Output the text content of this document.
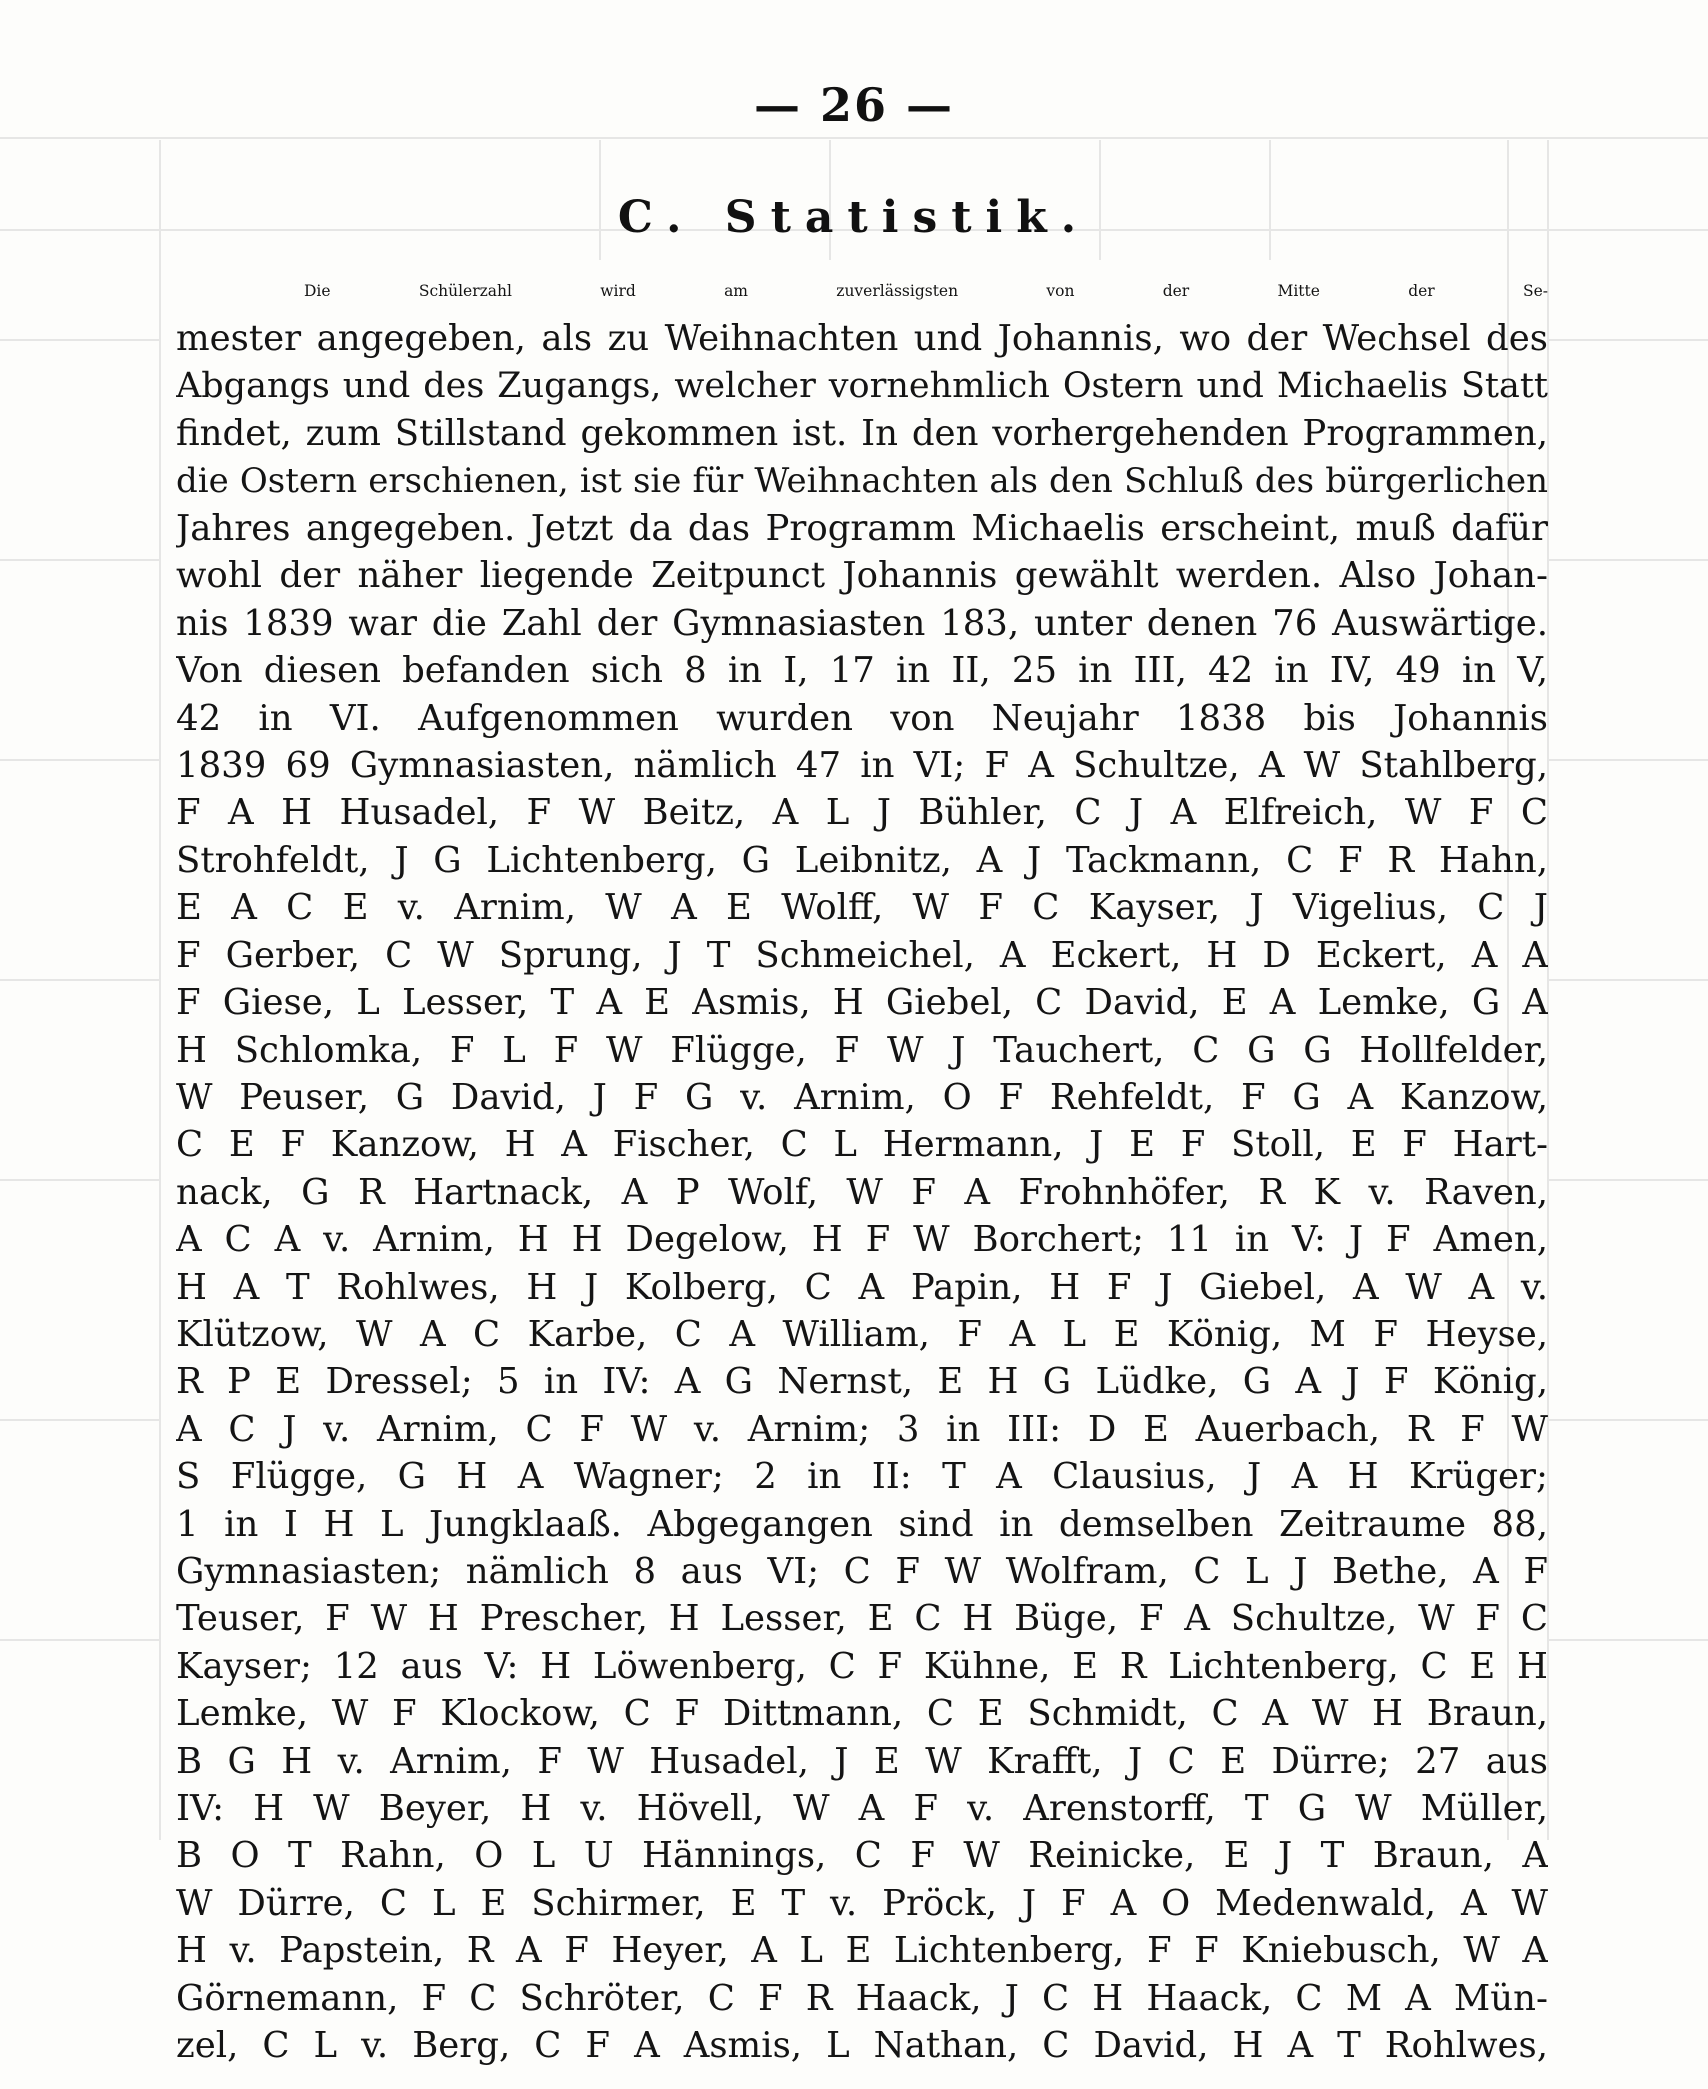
— 26 —
C. Statistik.
Die Schülerzahl wird am zuverlässigsten von der Mitte der Se-
mester angegeben, als zu Weihnachten und Johannis, wo der Wechsel des
Abgangs und des Zugangs, welcher vornehmlich Ostern und Michaelis Statt
findet, zum Stillstand gekommen ist. In den vorhergehenden Programmen,
die Ostern erschienen, ist sie für Weihnachten als den Schluß des bürgerlichen
Jahres angegeben. Jetzt da das Programm Michaelis erscheint, muß dafür
wohl der näher liegende Zeitpunct Johannis gewählt werden. Also Johan-
nis 1839 war die Zahl der Gymnasiasten 183, unter denen 76 Auswärtige.
Von diesen befanden sich 8 in I, 17 in II, 25 in III, 42 in IV, 49 in V,
42 in VI. Aufgenommen wurden von Neujahr 1838 bis Johannis
1839 69 Gymnasiasten, nämlich 47 in VI; F A Schultze, A W Stahlberg,
F A H Husadel, F W Beitz, A L J Bühler, C J A Elfreich, W F C
Strohfeldt, J G Lichtenberg, G Leibnitz, A J Tackmann, C F R Hahn,
E A C E v. Arnim, W A E Wolff, W F C Kayser, J Vigelius, C J
F Gerber, C W Sprung, J T Schmeichel, A Eckert, H D Eckert, A A
F Giese, L Lesser, T A E Asmis, H Giebel, C David, E A Lemke, G A
H Schlomka, F L F W Flügge, F W J Tauchert, C G G Hollfelder,
W Peuser, G David, J F G v. Arnim, O F Rehfeldt, F G A Kanzow,
C E F Kanzow, H A Fischer, C L Hermann, J E F Stoll, E F Hart-
nack, G R Hartnack, A P Wolf, W F A Frohnhöfer, R K v. Raven,
A C A v. Arnim, H H Degelow, H F W Borchert; 11 in V: J F Amen,
H A T Rohlwes, H J Kolberg, C A Papin, H F J Giebel, A W A v.
Klützow, W A C Karbe, C A William, F A L E König, M F Heyse,
R P E Dressel; 5 in IV: A G Nernst, E H G Lüdke, G A J F König,
A C J v. Arnim, C F W v. Arnim; 3 in III: D E Auerbach, R F W
S Flügge, G H A Wagner; 2 in II: T A Clausius, J A H Krüger;
1 in I H L Jungklaaß. Abgegangen sind in demselben Zeitraume 88,
Gymnasiasten; nämlich 8 aus VI; C F W Wolfram, C L J Bethe, A F
Teuser, F W H Prescher, H Lesser, E C H Büge, F A Schultze, W F C
Kayser; 12 aus V: H Löwenberg, C F Kühne, E R Lichtenberg, C E H
Lemke, W F Klockow, C F Dittmann, C E Schmidt, C A W H Braun,
B G H v. Arnim, F W Husadel, J E W Krafft, J C E Dürre; 27 aus
IV: H W Beyer, H v. Hövell, W A F v. Arenstorff, T G W Müller,
B O T Rahn, O L U Hännings, C F W Reinicke, E J T Braun, A
W Dürre, C L E Schirmer, E T v. Pröck, J F A O Medenwald, A W
H v. Papstein, R A F Heyer, A L E Lichtenberg, F F Kniebusch, W A
Görnemann, F C Schröter, C F R Haack, J C H Haack, C M A Mün-
zel, C L v. Berg, C F A Asmis, L Nathan, C David, H A T Rohlwes,
